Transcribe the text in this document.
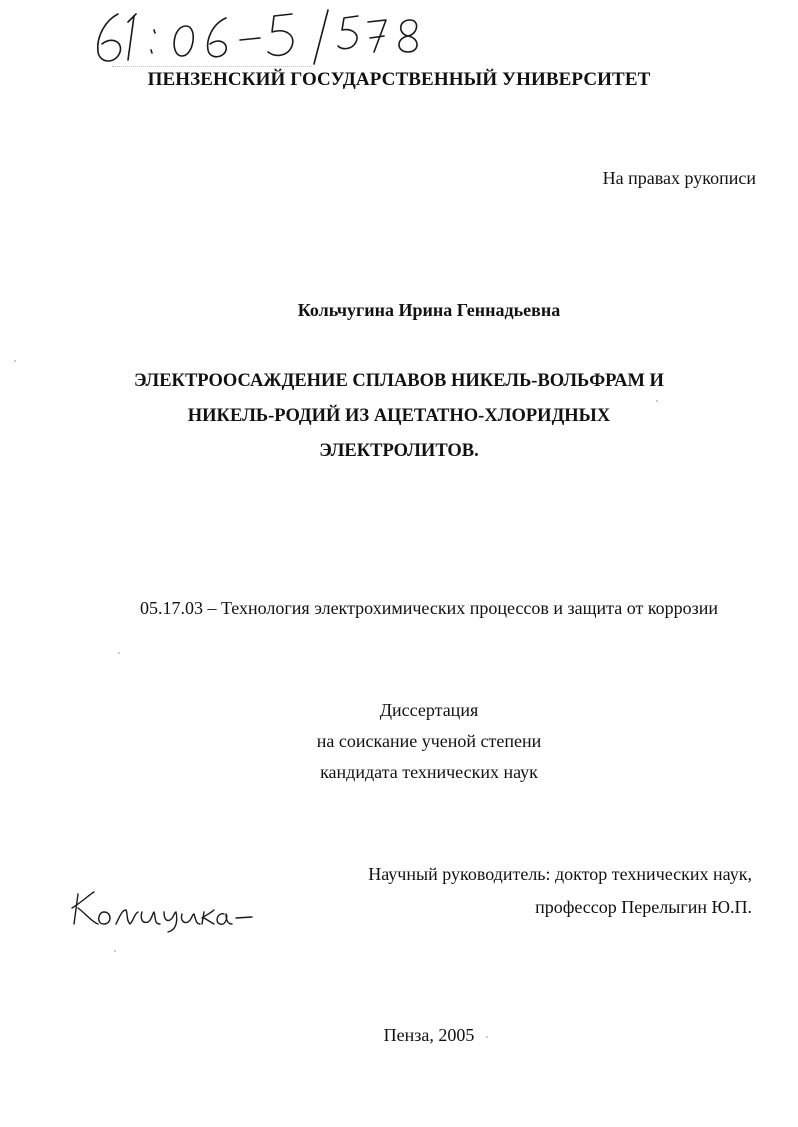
ПЕНЗЕНСКИЙ ГОСУДАРСТВЕННЫЙ УНИВЕРСИТЕТ
На правах рукописи
Кольчугина Ирина Геннадьевна
ЭЛЕКТРООСАЖДЕНИЕ СПЛАВОВ НИКЕЛЬ-ВОЛЬФРАМ И
НИКЕЛЬ-РОДИЙ ИЗ АЦЕТАТНО-ХЛОРИДНЫХ
ЭЛЕКТРОЛИТОВ.
05.17.03 – Технология электрохимических процессов и защита от коррозии
Диссертация
на соискание ученой степени
кандидата технических наук
Научный руководитель: доктор технических наук,
профессор Перелыгин Ю.П.
Пенза, 2005
